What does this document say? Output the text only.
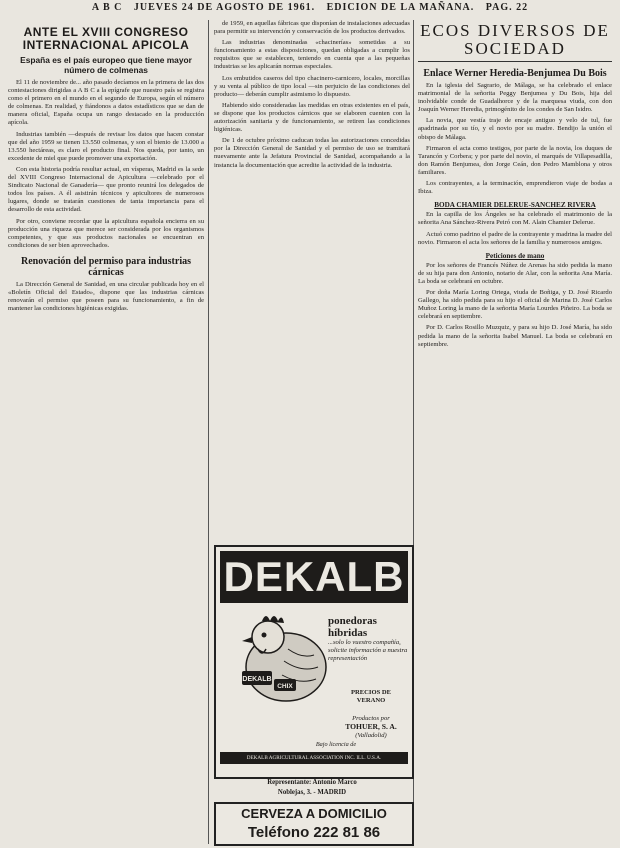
A B C JUEVES 24 DE AGOSTO DE 1961. EDICION DE LA MAÑANA. PAG. 22
ANTE EL XVIII CONGRESO INTERNACIONAL APICOLA
España es el país europeo que tiene mayor número de colmenas

El 11 de noviembre de... año pasado decíamos en la primera de las dos contestaciones dirigidas a A B C a la epígrafe que nuestro país se registra como el primero en el mundo en el segundo de Europa, según el número de colmenas. En realidad, y fiándonos a datos estadísticos que se dan de manera oficial, España ocupa un rango destacado en la producción apícola.

Industrias también —después de revisar los datos que hacen constar que del año 1959 se tienen 13.550 colmenas, y son el bienio de 13.000 a 13.550 hectáreas, es claro el producto final. Nos queda, por tanto, un excedente de miel que puede promover una exportación.

Con esta historia podría resultar actual, en vísperas, Madrid es la sede del XVIII Congreso Internacional de Apicultura —celebrado por el Sindicato Nacional de Ganadería— que pronto reunirá los delegados de todos los países. A él asistirán técnicos y apicultores de numerosos lugares, donde se tratarán cuestiones de tanta importancia para el desarrollo de esta actividad.

Por otro, conviene recordar que la apicultura española encierra en su producción una riqueza que merece ser considerada por los organismos competentes, y que sus productos nacionales se encuentran en condiciones de ser bien aprovechados.

Renovación del permiso para industrias cárnicas

La Dirección General de Sanidad, en una circular publicada hoy en el «Boletín Oficial del Estado», dispone que las industrias cárnicas renovarán el permiso que poseen para su funcionamiento, a fin de mantener las condiciones higiénicas exigidas.

de 1959, en aquellas fábricas que disponían de instalaciones adecuadas para permitir su intervención y conservación de los productos derivados.

Las industrias denominadas «chacinerías» sometidas a su funcionamiento a estas disposiciones, quedan obligadas a cumplir los requisitos que se establecen, teniendo en cuenta que a las pequeñas industrias se les aplicarán normas especiales.

Los embutidos caseros del tipo chacinero-carnicero, locales, morcillas y su venta al público de tipo local —sin perjuicio de las condiciones del producto— deberán cumplir asimismo lo dispuesto.

Habiendo sido consideradas las medidas en otras existentes en el país, se dispone que los productos cárnicos que se elaboren cuenten con la autorización sanitaria y de funcionamiento, se retiren las condiciones higiénicas.

De 1 de octubre próximo caducan todas las autorizaciones concedidas por la Dirección General de Sanidad y el permiso de uso se tramitará nuevamente ante la Jefatura Provincial de Sanidad, acompañando a la instancia la documentación que acredite la actividad de la industria.

DEKALB
DEKALB
CHIX
ponedoras híbridas
...solo lo vuestro compañía, solicite información a nuestra representación
PRECIOS DE VERANO
Productos por
TOHUER, S. A.
(Valladolid)
Bajo licencia de
DEKALB AGRICULTURAL ASSOCIATION INC. ILL. U.S.A.
Representante: Antonio Marco
Noblejas, 3. - MADRID
CERVEZA A DOMICILIO
Teléfono 222 81 86
ECOS DIVERSOS DE SOCIEDAD
Enlace Werner Heredia-Benjumea Du Bois

En la iglesia del Sagrario, de Málaga, se ha celebrado el enlace matrimonial de la señorita Peggy Benjumea y Du Bois, hija del inolvidable conde de Guadalhorce y de la marquesa viuda, con don Joaquín Werner Heredia, primogénito de los condes de San Isidro.

La novia, que vestía traje de encaje antiguo y velo de tul, fue apadrinada por su tío, y el novio por su madre. Bendijo la unión el obispo de Málaga.

Firmaron el acta como testigos, por parte de la novia, los duques de Tarancón y Corbera; y por parte del novio, el marqués de Villapesadilla, don Ramón Benjumea, don Jorge Ceán, don Pedro Mamblona y otros familiares.

Los contrayentes, a la terminación, emprendieron viaje de bodas a Ibiza.

BODA CHAMIER DELERUE-SANCHEZ RIVERA

En la capilla de los Ángeles se ha celebrado el matrimonio de la señorita Ana Sánchez-Rivera Peiró con M. Alain Chamier Delerue.

Actuó como padrino el padre de la contrayente y madrina la madre del novio. Firmaron el acta los señores de la familia y numerosos amigos.

Peticiones de mano

Por los señores de Francés Núñez de Arenas ha sido pedida la mano de su hija para don Antonio, notario de Alar, con la señorita Ana María. La boda se celebrará en octubre.

Por doña María Loring Ortega, viuda de Boñiga, y D. José Ricardo Gallego, ha sido pedida para su hijo el oficial de Marina D. José Carlos Muñoz Loring la mano de la señorita María Lourdes Piñeiro. La boda se celebrará en septiembre.

Por D. Carlos Rosillo Muzquiz, y para su hijo D. José María, ha sido pedida la mano de la señorita Isabel Manuel. La boda se celebrará en septiembre.
